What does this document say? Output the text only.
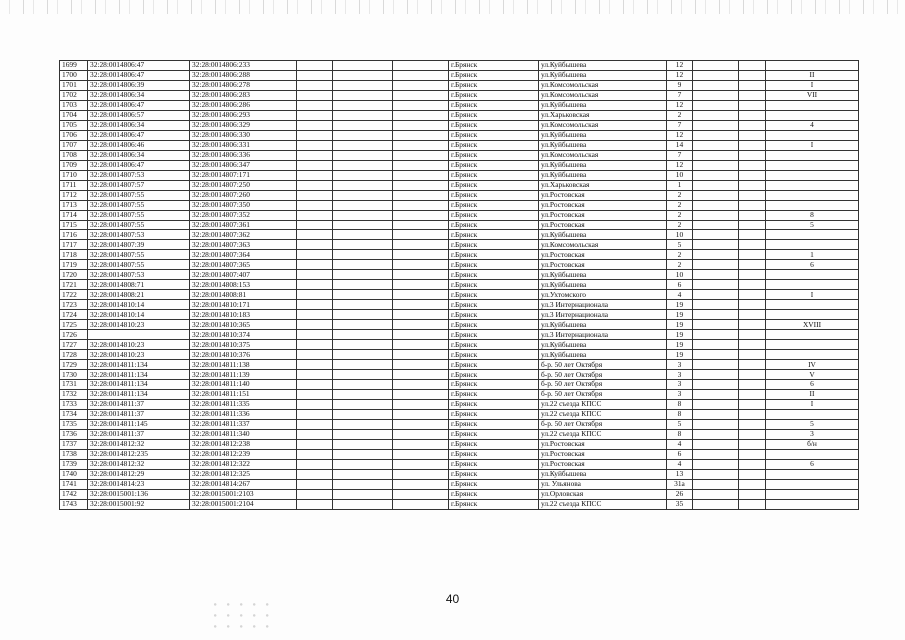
1699	32:28:0014806:47	32:28:0014806:233				г.Брянск	ул.Куйбышева	12			
1700	32:28:0014806:47	32:28:0014806:288				г.Брянск	ул.Куйбышева	12			II
1701	32:28:0014806:39	32:28:0014806:278				г.Брянск	ул.Комсомольская	9			I
1702	32:28:0014806:34	32:28:0014806:283				г.Брянск	ул.Комсомольская	7			VII
1703	32:28:0014806:47	32:28:0014806:286				г.Брянск	ул.Куйбышева	12			
1704	32:28:0014806:57	32:28:0014806:293				г.Брянск	ул.Харьковская	2			
1705	32:28:0014806:34	32:28:0014806:329				г.Брянск	ул.Комсомольская	7			4
1706	32:28:0014806:47	32:28:0014806:330				г.Брянск	ул.Куйбышева	12			
1707	32:28:0014806:46	32:28:0014806:331				г.Брянск	ул.Куйбышева	14			I
1708	32:28:0014806:34	32:28:0014806:336				г.Брянск	ул.Комсомольская	7			
1709	32:28:0014806:47	32:28:0014806:347				г.Брянск	ул.Куйбышева	12			
1710	32:28:0014807:53	32:28:0014807:171				г.Брянск	ул.Куйбышева	10			
1711	32:28:0014807:57	32:28:0014807:250				г.Брянск	ул.Харьковская	1			
1712	32:28:0014807:55	32:28:0014807:260				г.Брянск	ул.Ростовская	2			
1713	32:28:0014807:55	32:28:0014807:350				г.Брянск	ул.Ростовская	2			
1714	32:28:0014807:55	32:28:0014807:352				г.Брянск	ул.Ростовская	2			8
1715	32:28:0014807:55	32:28:0014807:361				г.Брянск	ул.Ростовская	2			5
1716	32:28:0014807:53	32:28:0014807:362				г.Брянск	ул.Куйбышева	10			
1717	32:28:0014807:39	32:28:0014807:363				г.Брянск	ул.Комсомольская	5			
1718	32:28:0014807:55	32:28:0014807:364				г.Брянск	ул.Ростовская	2			1
1719	32:28:0014807:55	32:28:0014807:365				г.Брянск	ул.Ростовская	2			6
1720	32:28:0014807:53	32:28:0014807:407				г.Брянск	ул.Куйбышева	10			
1721	32:28:0014808:71	32:28:0014808:153				г.Брянск	ул.Куйбышева	6			
1722	32:28:0014808:21	32:28:0014808:81				г.Брянск	ул.Ухтомского	4			I
1723	32:28:0014810:14	32:28:0014810:171				г.Брянск	ул.3 Интернационала	19			
1724	32:28:0014810:14	32:28:0014810:183				г.Брянск	ул.3 Интернационала	19			
1725	32:28:0014810:23	32:28:0014810:365				г.Брянск	ул.Куйбышева	19			XVIII
1726		32:28:0014810:374				г.Брянск	ул.3 Интернационала	19			
1727	32:28:0014810:23	32:28:0014810:375				г.Брянск	ул.Куйбышева	19			
1728	32:28:0014810:23	32:28:0014810:376				г.Брянск	ул.Куйбышева	19			
1729	32:28:0014811:134	32:28:0014811:138				г.Брянск	б-р. 50 лет Октября	3			IV
1730	32:28:0014811:134	32:28:0014811:139				г.Брянск	б-р. 50 лет Октября	3			V
1731	32:28:0014811:134	32:28:0014811:140				г.Брянск	б-р. 50 лет Октября	3			6
1732	32:28:0014811:134	32:28:0014811:151				г.Брянск	б-р. 50 лет Октября	3			II
1733	32:28:0014811:37	32:28:0014811:335				г.Брянск	ул.22 съезда КПСС	8			I
1734	32:28:0014811:37	32:28:0014811:336				г.Брянск	ул.22 съезда КПСС	8			
1735	32:28:0014811:145	32:28:0014811:337				г.Брянск	б-р. 50 лет Октября	5			5
1736	32:28:0014811:37	32:28:0014811:340				г.Брянск	ул.22 съезда КПСС	8			3
1737	32:28:0014812:32	32:28:0014812:238				г.Брянск	ул.Ростовская	4			б/н
1738	32:28:0014812:235	32:28:0014812:239				г.Брянск	ул.Ростовская	6			
1739	32:28:0014812:32	32:28:0014812:322				г.Брянск	ул.Ростовская	4			6
1740	32:28:0014812:29	32:28:0014812:325				г.Брянск	ул.Куйбышева	13			
1741	32:28:0014814:23	32:28:0014814:267				г.Брянск	ул. Ульянова	31а			
1742	32:28:0015001:136	32:28:0015001:2103				г.Брянск	ул.Орловская	26			
1743	32:28:0015001:92	32:28:0015001:2104				г.Брянск	ул.22 съезда КПСС	35			
40
